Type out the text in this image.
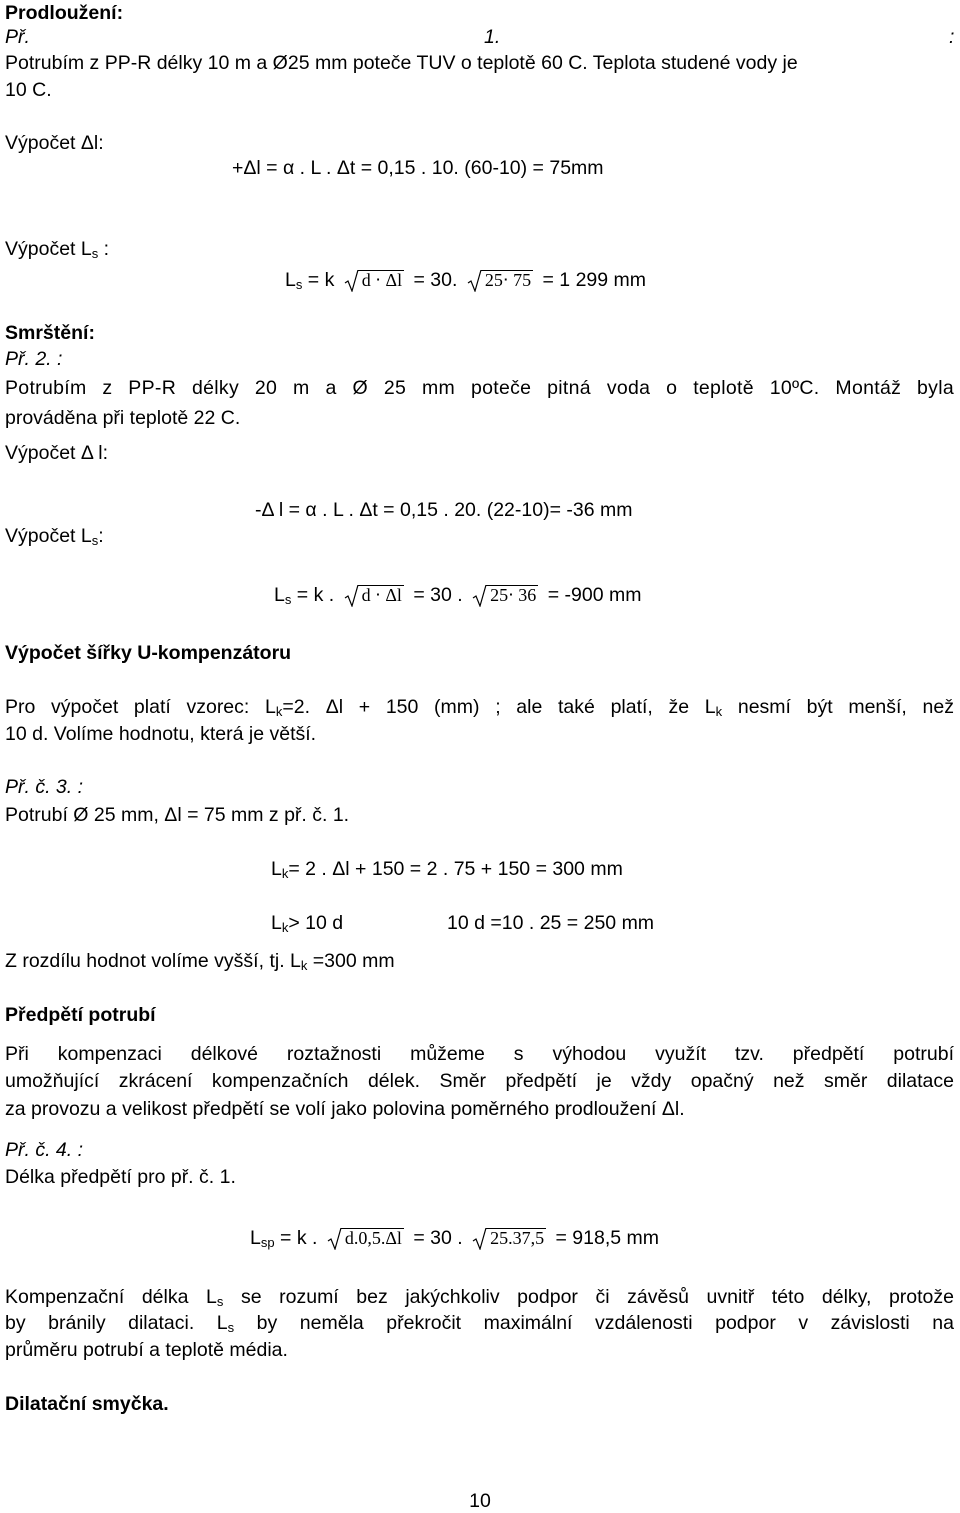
Prodloužení:
Př.	1.	:
Potrubím z PP-R délky 10 m a Ø25 mm poteče TUV o teplotě 60 C. Teplota studené vody je
10 C.
Výpočet Δl:
+Δl = α . L . Δt = 0,15 . 10. (60-10) = 75mm
Výpočet $L_s$ :
$L_s = k$ d ⋅ Δl = 30. 25⋅ 75 = 1 299 mm
Smrštění:
Př. 2. :
Potrubím z PP-R délky 20 m a Ø 25 mm poteče pitná voda o teplotě 10ºC. Montáž byla
prováděna při teplotě 22 C.
Výpočet Δ l:
-Δ l = α . L . Δt = 0,15 . 20. (22-10)= -36 mm
Výpočet $L_s$:
$L_s = k$ . d ⋅ Δl = 30 . 25⋅ 36 = -900 mm
Výpočet šířky U-kompenzátoru
Pro výpočet platí vzorec: $L_k=2$. Δl + 150 (mm) ; ale také platí, že $L_k$ nesmí být menší, než
10 d. Volíme hodnotu, která je větší.
Př. č. 3. :
Potrubí Ø 25 mm, Δl = 75 mm z př. č. 1.
$L_k= 2$ . Δl + 150 = 2 . 75 + 150 = 300 mm
$L_k> 10$ d	10 d =10 . 25 = 250 mm
Z rozdílu hodnot volíme vyšší, tj. $L_k =300$ mm
Předpětí potrubí
Při kompenzaci délkové roztažnosti můžeme s výhodou využít tzv. předpětí potrubí
umožňující zkrácení kompenzačních délek. Směr předpětí je vždy opačný než směr dilatace
za provozu a velikost předpětí se volí jako polovina poměrného prodloužení Δl.
Př. č. 4. :
Délka předpětí pro př. č. 1.
$L_{sp} = k$ . d.0,5.Δl = 30 . 25.37,5 = 918,5 mm
Kompenzační délka $L_s$ se rozumí bez jakýchkoliv podpor či závěsů uvnitř této délky, protože
by bránily dilataci. $L_s$ by neměla překročit maximální vzdálenosti podpor v závislosti na
průměru potrubí a teplotě média.
Dilatační smyčka.
10
